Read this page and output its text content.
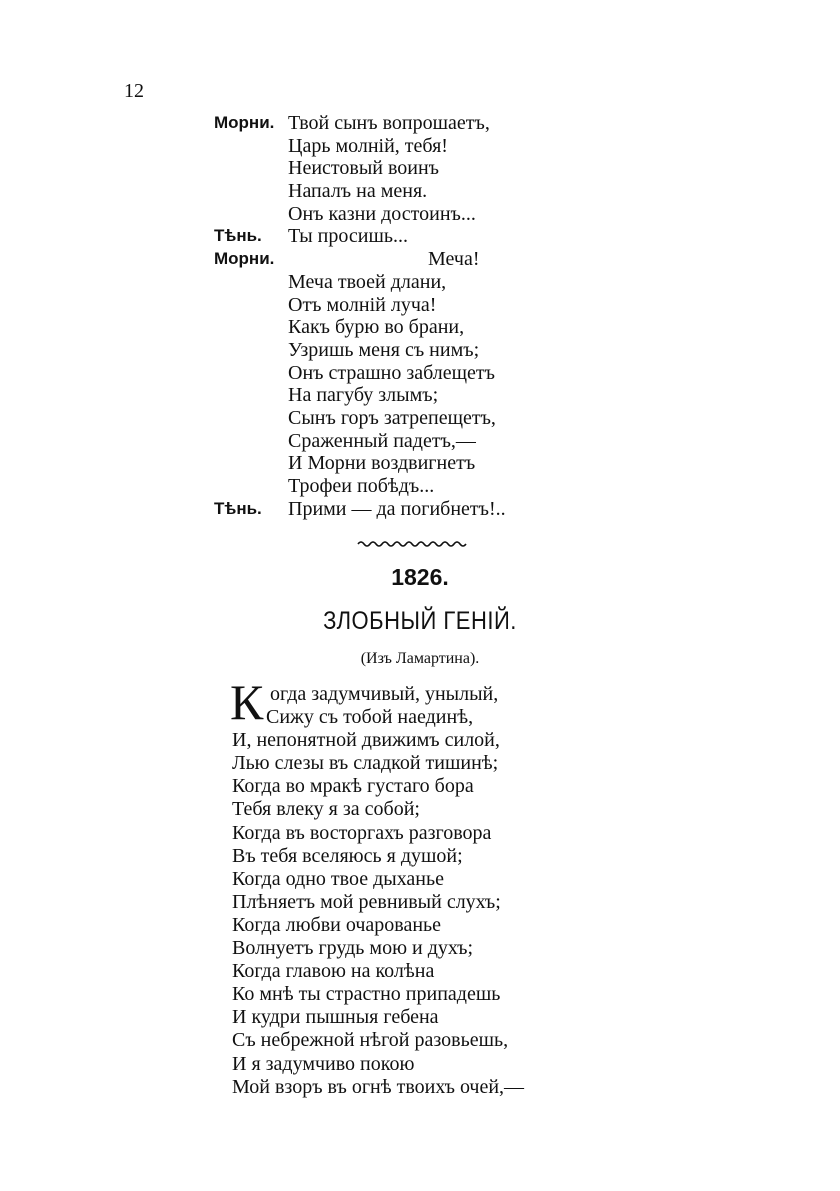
12
Морни. Твой сынъ вопрошаетъ,
Царь молній, тебя!
Неистовый воинъ
Напалъ на меня.
Онъ казни достоинъ...
Тѣнь. Ты просишь...
Морни.	Меча!
Меча твоей длани,
Отъ молній луча!
Какъ бурю во брани,
Узришь меня съ нимъ;
Онъ страшно заблещетъ
На пагубу злымъ;
Сынъ горъ затрепещетъ,
Сраженный падетъ,—
И Морни воздвигнетъ
Трофеи побѣдъ...
Тѣнь. Прими — да погибнетъ!..
1826.
ЗЛОБНЫЙ ГЕНІЙ.
(Изъ Ламартина).
К огда задумчивый, унылый,
Сижу съ тобой наединѣ,
И, непонятной движимъ силой,
Лью слезы въ сладкой тишинѣ;
Когда во мракѣ густаго бора
Тебя влеку я за собой;
Когда въ восторгахъ разговора
Въ тебя вселяюсь я душой;
Когда одно твое дыханье
Плѣняетъ мой ревнивый слухъ;
Когда любви очарованье
Волнуетъ грудь мою и духъ;
Когда главою на колѣна
Ко мнѣ ты страстно припадешь
И кудри пышныя гебена
Съ небрежной нѣгой разовьешь,
И я задумчиво покою
Мой взоръ въ огнѣ твоихъ очей,—
